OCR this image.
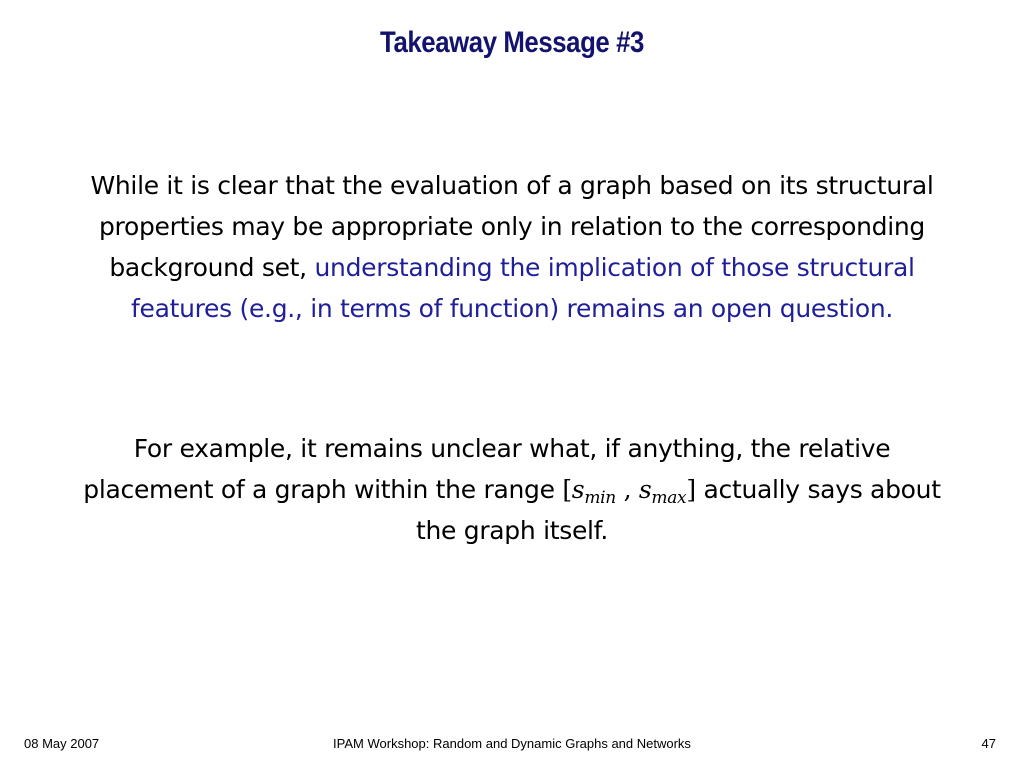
Takeaway Message #3
While it is clear that the evaluation of a graph based on its structural properties may be appropriate only in relation to the corresponding background set, understanding the implication of those structural features (e.g., in terms of function) remains an open question.
For example, it remains unclear what, if anything, the relative placement of a graph within the range [$s_{min}$ , $s_{max}$] actually says about the graph itself.
08 May 2007	IPAM Workshop: Random and Dynamic Graphs and Networks	47
